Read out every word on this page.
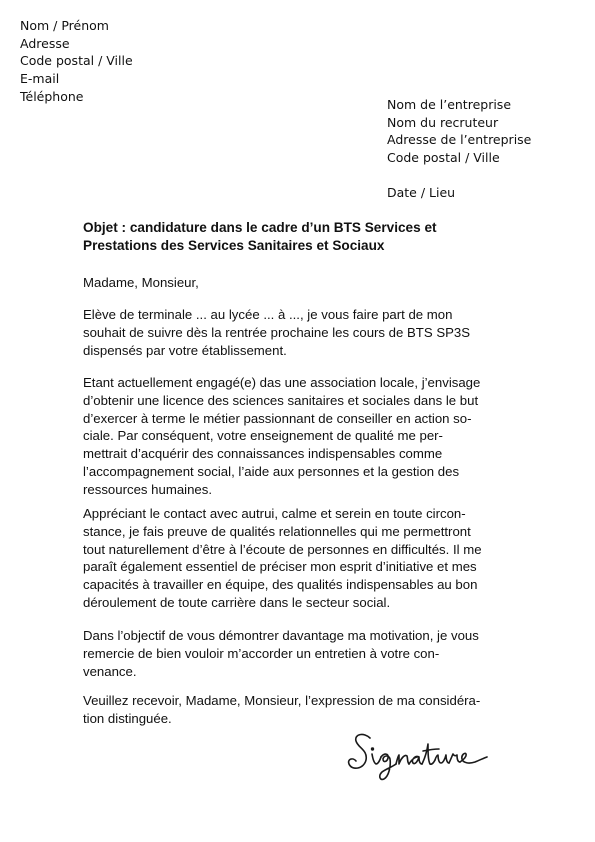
Nom / Prénom
Adresse
Code postal / Ville
E-mail
Téléphone
Nom de l’entreprise
Nom du recruteur
Adresse de l’entreprise
Code postal / Ville
Date / Lieu
Objet : candidature dans le cadre d’un BTS Services et
Prestations des Services Sanitaires et Sociaux
Madame, Monsieur,
Elève de terminale ... au lycée ... à ..., je vous faire part de mon
souhait de suivre dès la rentrée prochaine les cours de BTS SP3S
dispensés par votre établissement.
Etant actuellement engagé(e) das une association locale, j’envisage
d’obtenir une licence des sciences sanitaires et sociales dans le but
d’exercer à terme le métier passionnant de conseiller en action so-
ciale. Par conséquent, votre enseignement de qualité me per-
mettrait d’acquérir des connaissances indispensables comme
l’accompagnement social, l’aide aux personnes et la gestion des
ressources humaines.
Appréciant le contact avec autrui, calme et serein en toute circon-
stance, je fais preuve de qualités relationnelles qui me permettront
tout naturellement d’être à l’écoute de personnes en difficultés. Il me
paraît également essentiel de préciser mon esprit d’initiative et mes
capacités à travailler en équipe, des qualités indispensables au bon
déroulement de toute carrière dans le secteur social.
Dans l’objectif de vous démontrer davantage ma motivation, je vous
remercie de bien vouloir m’accorder un entretien à votre con-
venance.
Veuillez recevoir, Madame, Monsieur, l’expression de ma considéra-
tion distinguée.
